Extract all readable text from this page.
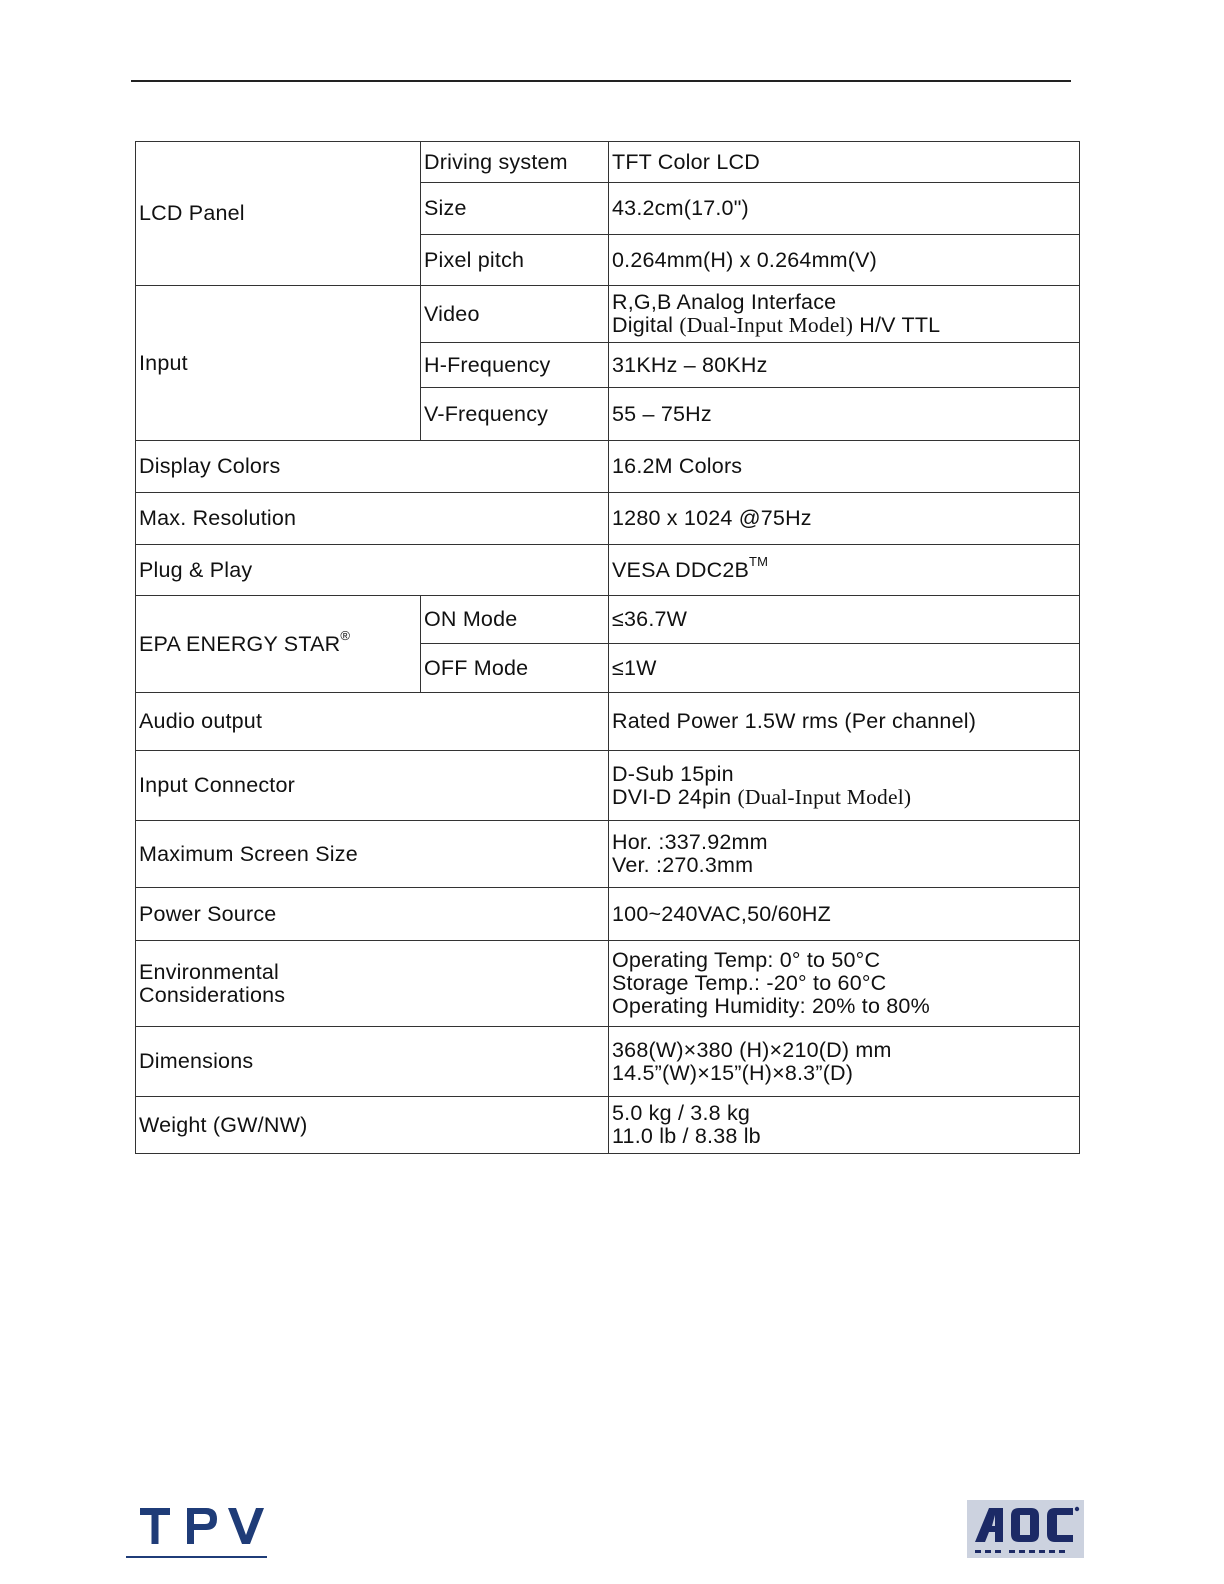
LCD Panel	Driving system	TFT Color LCD

	Size	43.2cm(17.0")

	Pixel pitch	0.264mm(H) x 0.264mm(V)

Input	Video	R,G,B Analog Interface
Digital (Dual-Input Model) H/V TTL

	H-Frequency	31KHz – 80KHz

	V-Frequency	55 – 75Hz

Display Colors		16.2M Colors

Max. Resolution		1280 x 1024 @75Hz

Plug & Play		VESA DDC2B™

EPA ENERGY STAR®	ON Mode	≤36.7W

	OFF Mode	≤1W

Audio output		Rated Power 1.5W rms (Per channel)

Input Connector		D-Sub 15pin
DVI-D 24pin (Dual-Input Model)

Maximum Screen Size		Hor. :337.92mm
Ver. :270.3mm

Power Source		100~240VAC,50/60HZ

Environmental
Considerations		Operating Temp: 0° to 50°C
Storage Temp.: -20° to 60°C
Operating Humidity: 20% to 80%

Dimensions		368(W)×380 (H)×210(D) mm
14.5”(W)×15”(H)×8.3”(D)

Weight (GW/NW)		5.0 kg / 3.8 kg
11.0 lb / 8.38 lb
